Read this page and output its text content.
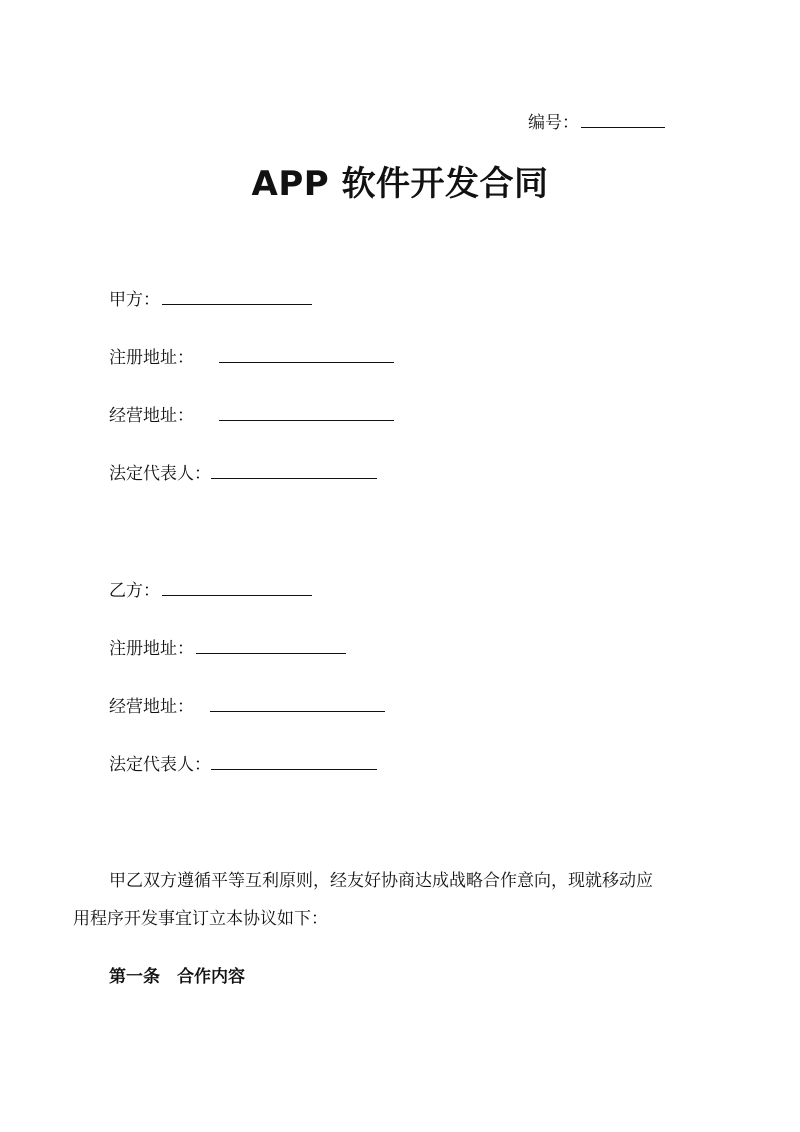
编号：
APP 软件开发合同
甲方：
注册地址：
经营地址：
法定代表人：
乙方：
注册地址：
经营地址：
法定代表人：
甲乙双方遵循平等互利原则，经友好协商达成战略合作意向，现就移动应
用程序开发事宜订立本协议如下：
第一条　合作内容
